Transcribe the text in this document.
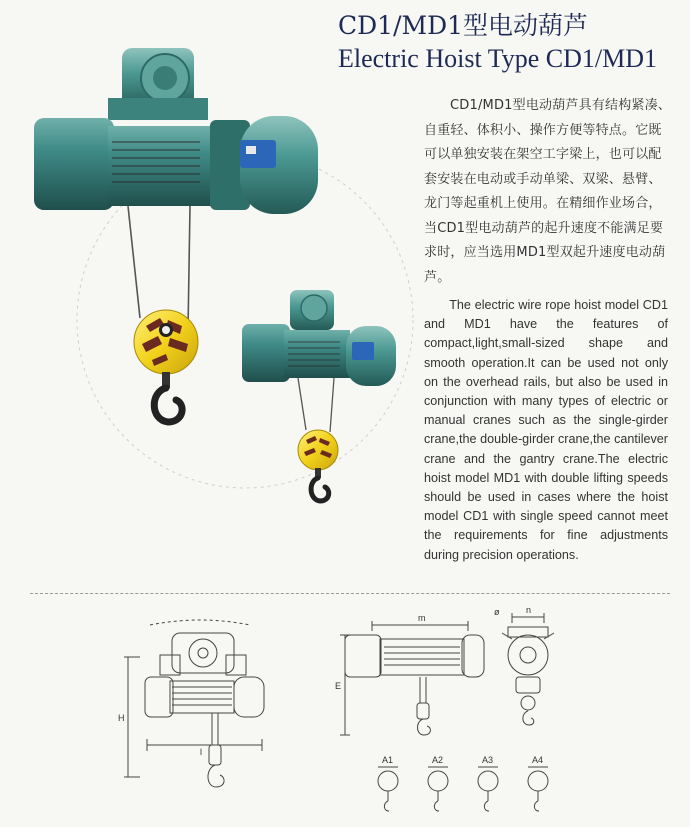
CD1/MD1型电动葫芦
Electric Hoist Type CD1/MD1
CD1/MD1型电动葫芦具有结构紧凑、自重轻、体积小、操作方便等特点。它既可以单独安装在架空工字梁上，也可以配套安装在电动或手动单梁、双梁、悬臂、龙门等起重机上使用。在精细作业场合，当CD1型电动葫芦的起升速度不能满足要求时，应当选用MD1型双起升速度电动葫芦。
The electric wire rope hoist model CD1 and MD1 have the features of compact,light,small-sized shape and smooth operation.It can be used not only on the overhead rails, but also be used in conjunction with many types of electric or manual cranes such as the single-girder crane,the double-girder crane,the cantilever crane and the gantry crane.The electric hoist model MD1 with double lifting speeds should be used in cases where the hoist model CD1 with single speed cannot meet the requirements for fine adjustments during precision operations.
H
l
E
m
ø	n
A1	A2	A3	A4
